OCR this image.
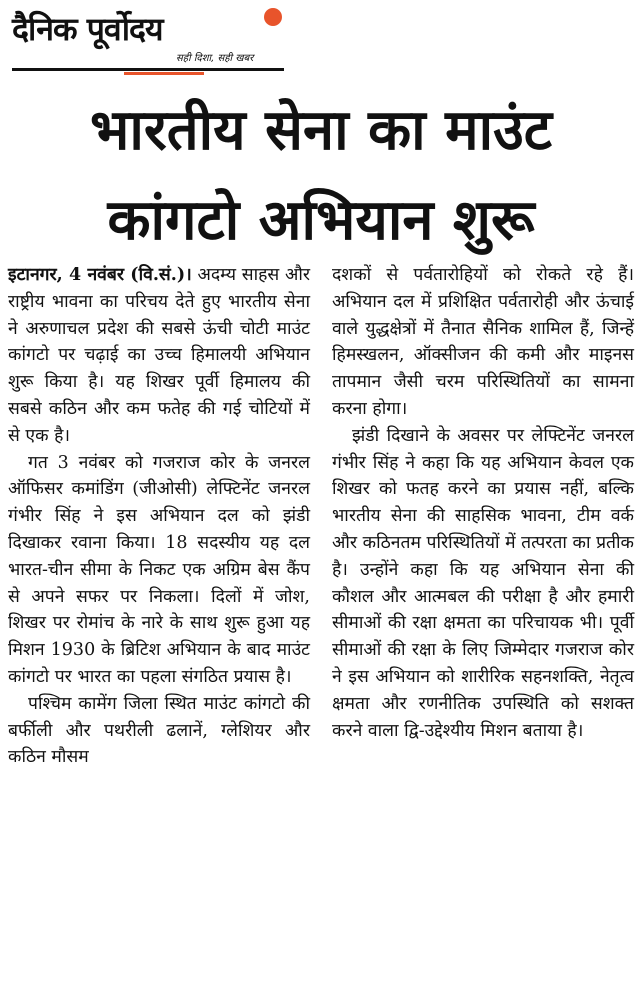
दैनिक पूर्वोदय
सही दिशा, सही खबर
भारतीय सेना का माउंट
कांगटो अभियान शुरू

इटानगर, 4 नवंबर (वि.सं.)। अदम्य साहस और राष्ट्रीय भावना का परिचय देते हुए भारतीय सेना ने अरुणाचल प्रदेश की सबसे ऊंची चोटी माउंट कांगटो पर चढ़ाई का उच्च हिमालयी अभियान शुरू किया है। यह शिखर पूर्वी हिमालय की सबसे कठिन और कम फतेह की गई चोटियों में से एक है।

गत 3 नवंबर को गजराज कोर के जनरल ऑफिसर कमांडिंग (जीओसी) लेफ्टिनेंट जनरल गंभीर सिंह ने इस अभियान दल को झंडी दिखाकर रवाना किया। 18 सदस्यीय यह दल भारत-चीन सीमा के निकट एक अग्रिम बेस कैंप से अपने सफर पर निकला। दिलों में जोश, शिखर पर रोमांच के नारे के साथ शुरू हुआ यह मिशन 1930 के ब्रिटिश अभियान के बाद माउंट कांगटो पर भारत का पहला संगठित प्रयास है।

पश्चिम कामेंग जिला स्थित माउंट कांगटो की बर्फीली और पथरीली ढलानें, ग्लेशियर और कठिन मौसम

दशकों से पर्वतारोहियों को रोकते रहे हैं। अभियान दल में प्रशिक्षित पर्वतारोही और ऊंचाई वाले युद्धक्षेत्रों में तैनात सैनिक शामिल हैं, जिन्हें हिमस्खलन, ऑक्सीजन की कमी और माइनस तापमान जैसी चरम परिस्थितियों का सामना करना होगा।

झंडी दिखाने के अवसर पर लेफ्टिनेंट जनरल गंभीर सिंह ने कहा कि यह अभियान केवल एक शिखर को फतह करने का प्रयास नहीं, बल्कि भारतीय सेना की साहसिक भावना, टीम वर्क और कठिनतम परिस्थितियों में तत्परता का प्रतीक है। उन्होंने कहा कि यह अभियान सेना की कौशल और आत्मबल की परीक्षा है और हमारी सीमाओं की रक्षा क्षमता का परिचायक भी। पूर्वी सीमाओं की रक्षा के लिए जिम्मेदार गजराज कोर ने इस अभियान को शारीरिक सहनशक्ति, नेतृत्व क्षमता और रणनीतिक उपस्थिति को सशक्त करने वाला द्वि-उद्देश्यीय मिशन बताया है।
